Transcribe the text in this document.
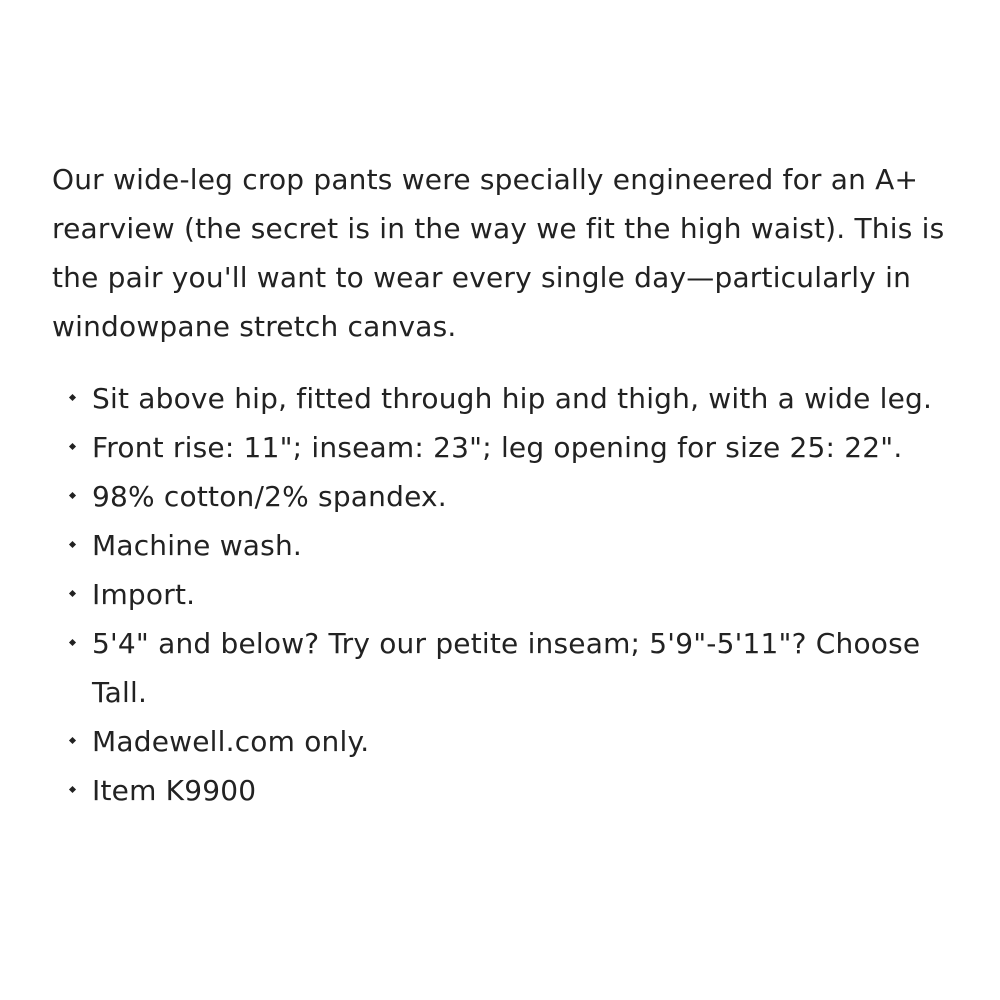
Our wide-leg crop pants were specially engineered for an A+ rearview (the secret is in the way we fit the high waist). This is the pair you'll want to wear every single day—particularly in windowpane stretch canvas.

Sit above hip, fitted through hip and thigh, with a wide leg.
Front rise: 11"; inseam: 23"; leg opening for size 25: 22".
98% cotton/2% spandex.
Machine wash.
Import.
5'4" and below? Try our petite inseam; 5'9"-5'11"? Choose Tall.
Madewell.com only.
Item K9900
